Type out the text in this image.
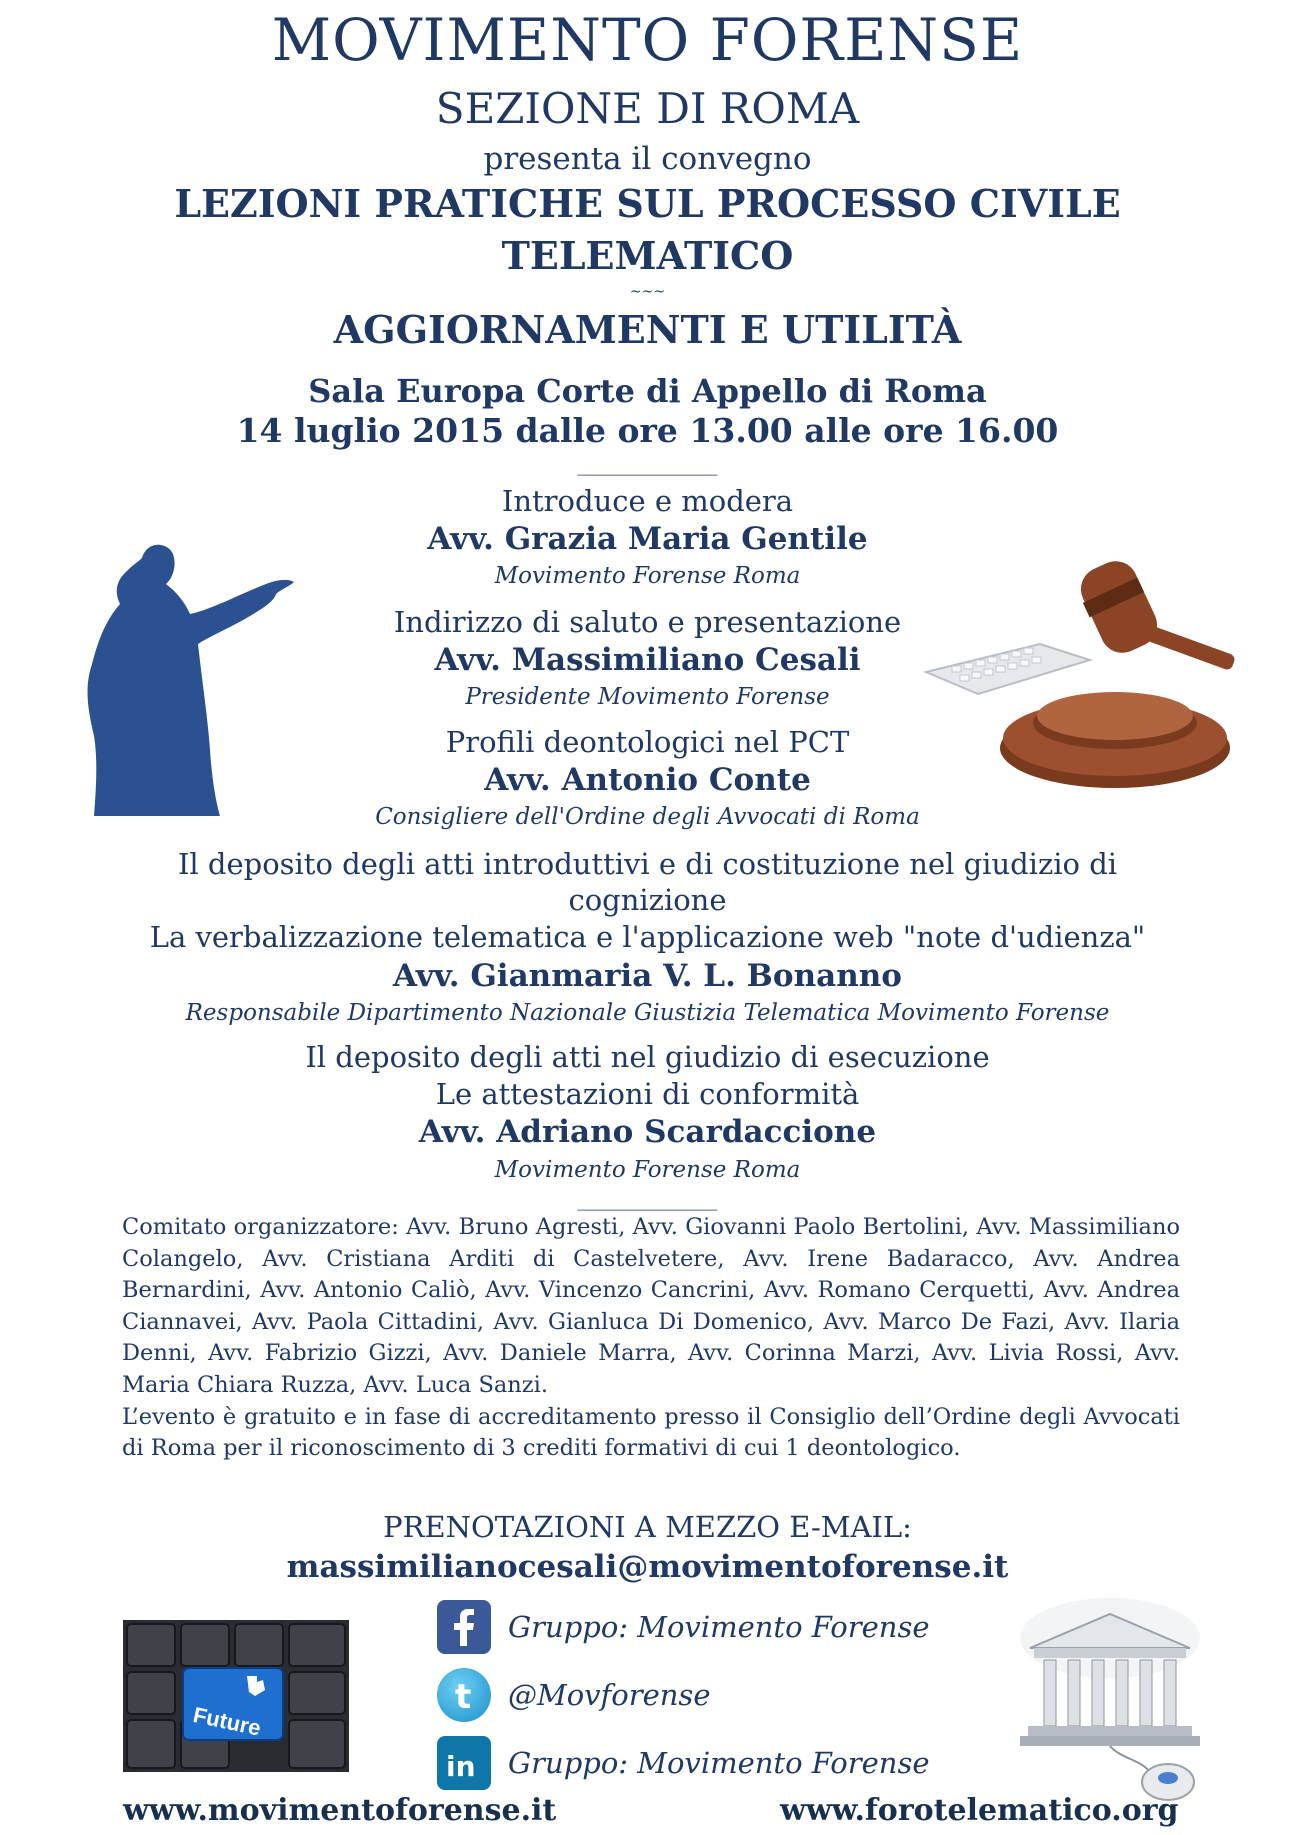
MOVIMENTO FORENSE
SEZIONE DI ROMA
presenta il convegno
LEZIONI PRATICHE SUL PROCESSO CIVILE
TELEMATICO
~~~
AGGIORNAMENTI E UTILITÀ
Sala Europa Corte di Appello di Roma
14 luglio 2015 dalle ore 13.00 alle ore 16.00
______________
Introduce e modera
Avv. Grazia Maria Gentile
Movimento Forense Roma
Indirizzo di saluto e presentazione
Avv. Massimiliano Cesali
Presidente Movimento Forense
Profili deontologici nel PCT
Avv. Antonio Conte
Consigliere dell'Ordine degli Avvocati di Roma
Il deposito degli atti introduttivi e di costituzione nel giudizio di
cognizione
La verbalizzazione telematica e l'applicazione web "note d'udienza"
Avv. Gianmaria V. L. Bonanno
Responsabile Dipartimento Nazionale Giustizia Telematica Movimento Forense
Il deposito degli atti nel giudizio di esecuzione
Le attestazioni di conformità
Avv. Adriano Scardaccione
Movimento Forense Roma
______________

Comitato organizzatore: Avv. Bruno Agresti, Avv. Giovanni Paolo Bertolini, Avv. Massimiliano Colangelo, Avv. Cristiana Arditi di Castelvetere, Avv. Irene Badaracco, Avv. Andrea Bernardini, Avv. Antonio Caliò, Avv. Vincenzo Cancrini, Avv. Romano Cerquetti, Avv. Andrea Ciannavei, Avv. Paola Cittadini, Avv. Gianluca Di Domenico, Avv. Marco De Fazi, Avv. Ilaria Denni, Avv. Fabrizio Gizzi, Avv. Daniele Marra, Avv. Corinna Marzi, Avv. Livia Rossi, Avv. Maria Chiara Ruzza, Avv. Luca Sanzi.

L’evento è gratuito e in fase di accreditamento presso il Consiglio dell’Ordine degli Avvocati di Roma per il riconoscimento di 3 crediti formativi di cui 1 deontologico.

PRENOTAZIONI A MEZZO E-MAIL:
massimilianocesali@movimentoforense.it
Future
Gruppo: Movimento Forense
t @Movforense
in Gruppo: Movimento Forense
www.movimentoforense.it	www.forotelematico.org
